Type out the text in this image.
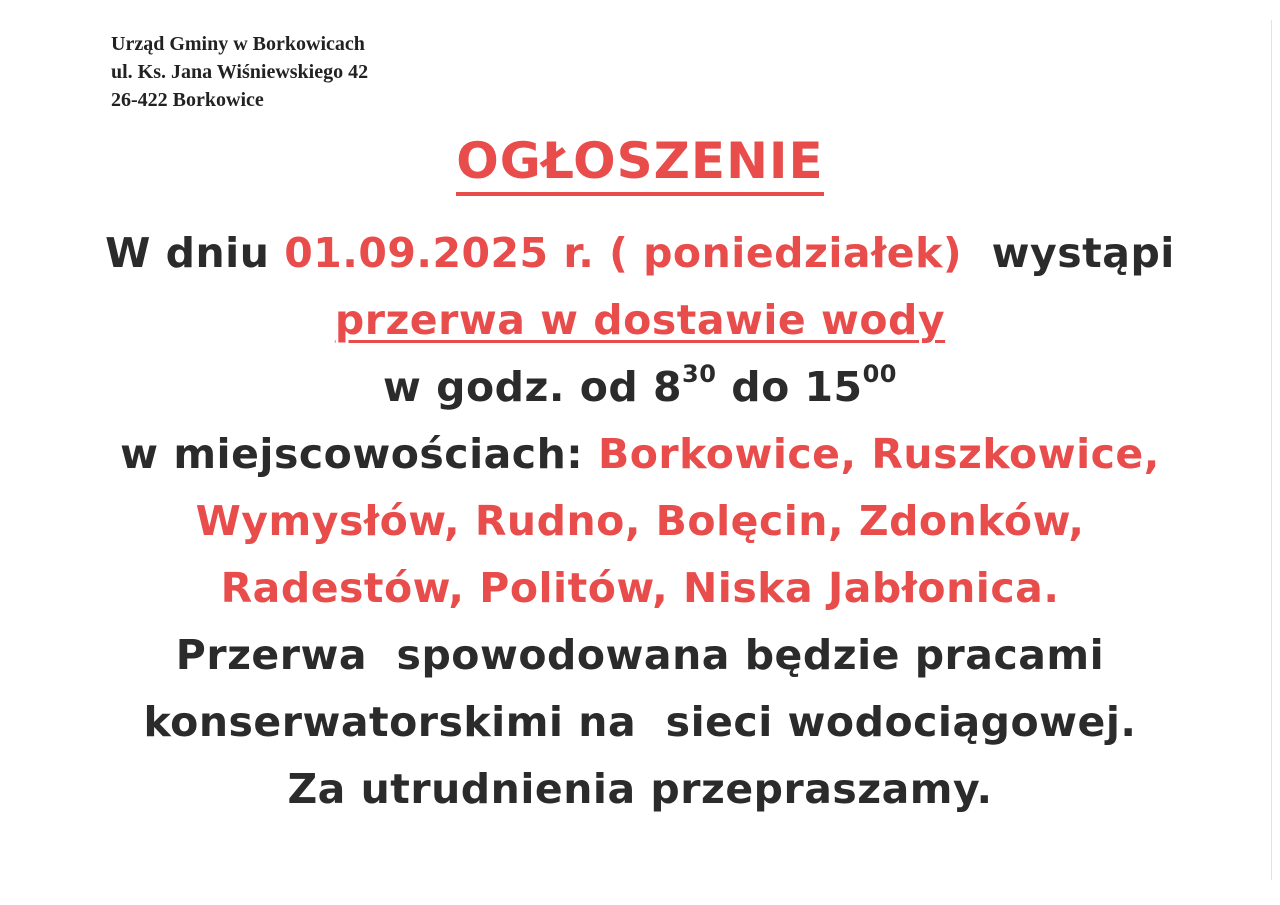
Urząd Gminy w Borkowicach
ul. Ks. Jana Wiśniewskiego 42
26-422 Borkowice
OGŁOSZENIE
W dniu 01.09.2025 r. ( poniedziałek)  wystąpi
przerwa w dostawie wody
w godz. od $8^{30}$ do $15^{00}$
w miejscowościach: Borkowice, Ruszkowice,
Wymysłów, Rudno, Bolęcin, Zdonków,
Radestów, Politów, Niska Jabłonica.
Przerwa  spowodowana będzie pracami
konserwatorskimi na  sieci wodociągowej.
Za utrudnienia przepraszamy.
